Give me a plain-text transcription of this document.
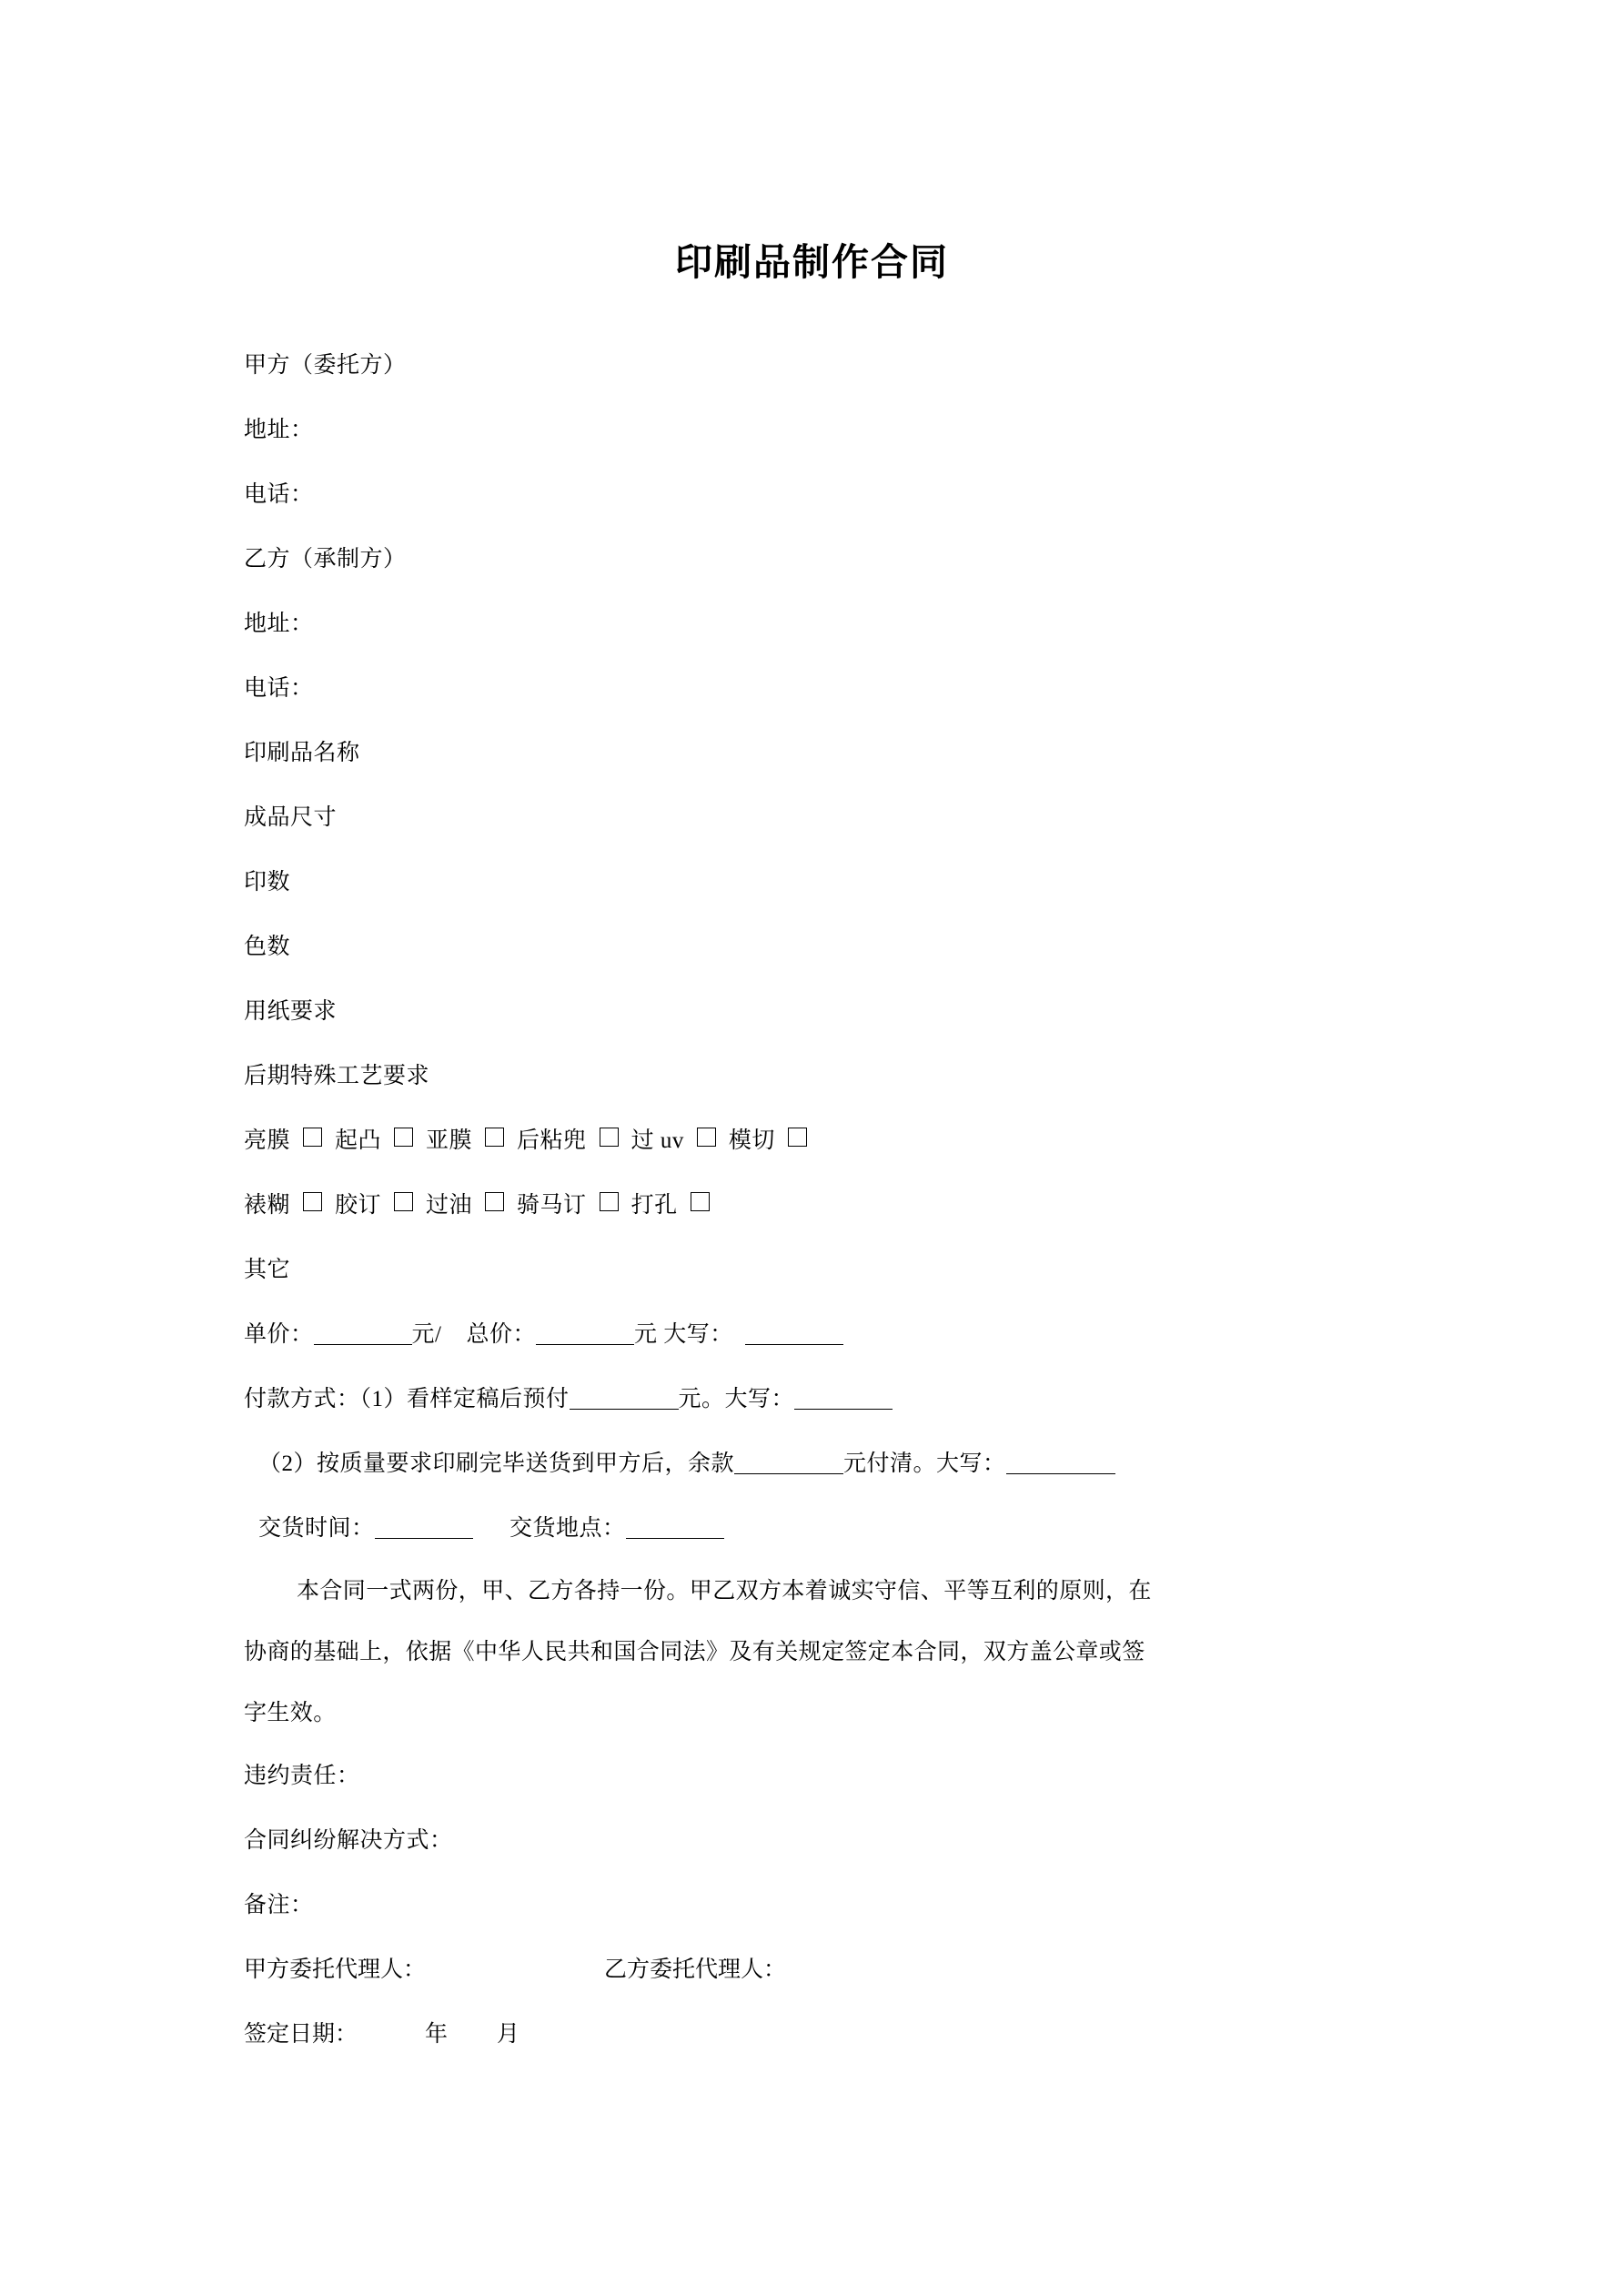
印刷品制作合同

甲方（委托方）

地址：

电话：

乙方（承制方）

地址：

电话：

印刷品名称

成品尺寸

印数

色数

用纸要求

后期特殊工艺要求

亮膜 起凸 亚膜 后粘兜 过 uv 模切

裱糊 胶订 过油 骑马订 打孔

其它

单价：	元/ 总价：	元 大写：

付款方式：（1）看样定稿后预付	元。大写：

（2）按质量要求印刷完毕送货到甲方后，余款	元付清。大写：

交货时间：	交货地点：

本合同一式两份，甲、乙方各持一份。甲乙双方本着诚实守信、平等互利的原则，在
协商的基础上，依据《中华人民共和国合同法》及有关规定签定本合同，双方盖公章或签
字生效。

违约责任：

合同纠纷解决方式：

备注：

甲方委托代理人：	乙方委托代理人：

签定日期：	年 月
